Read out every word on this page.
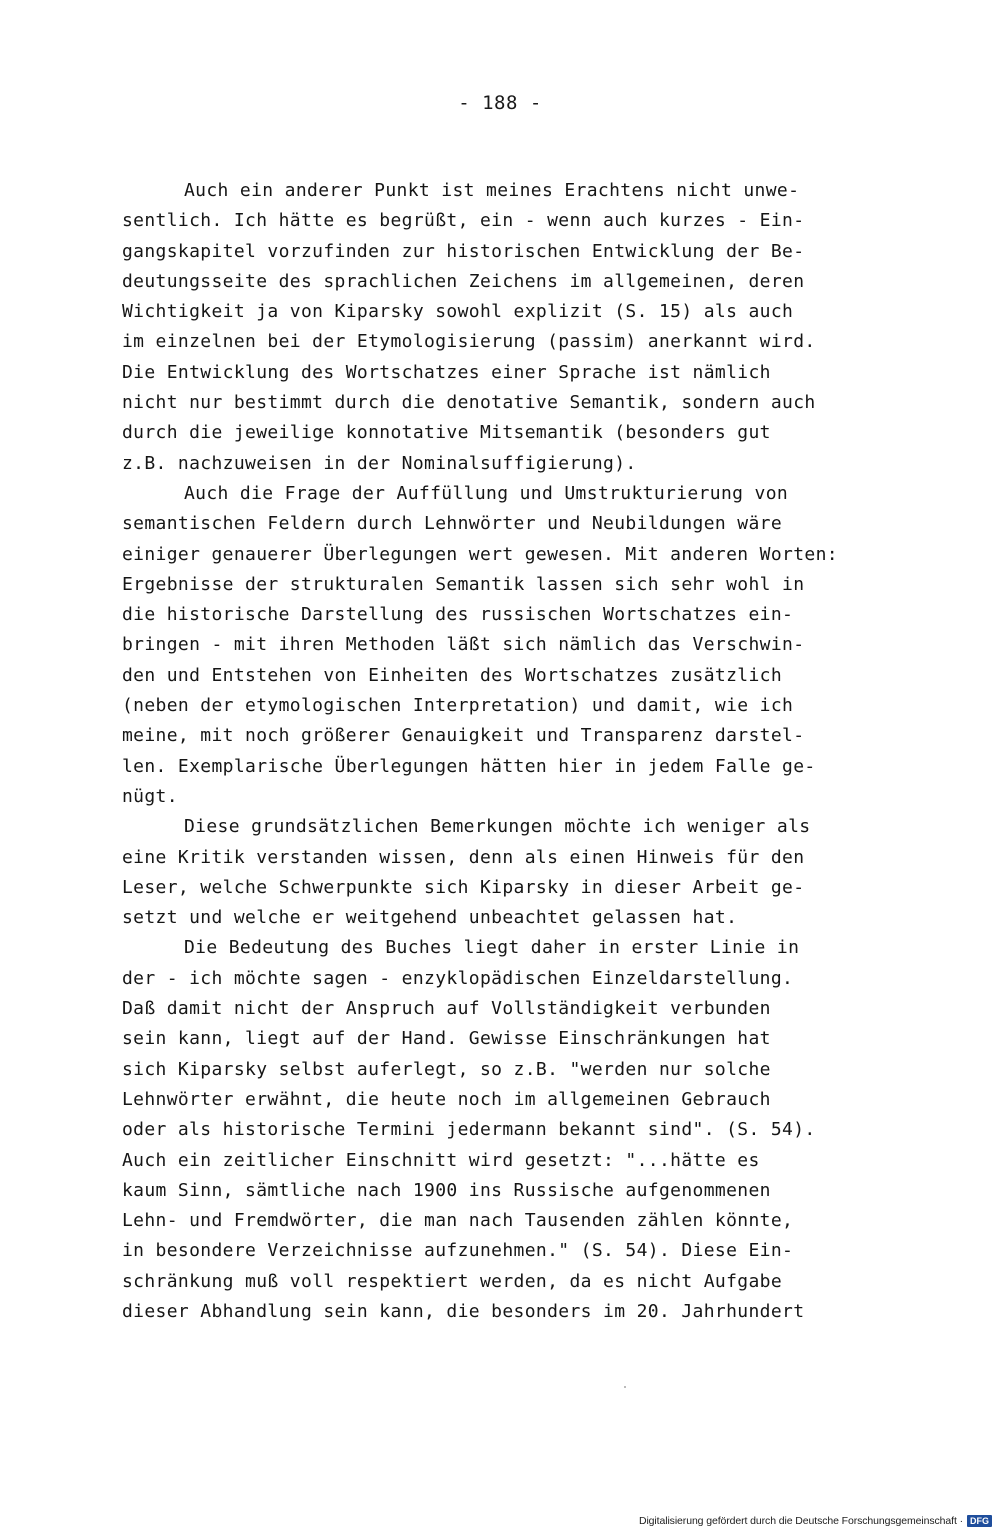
- 188 -
Auch ein anderer Punkt ist meines Erachtens nicht unwe-
sentlich. Ich hätte es begrüßt, ein - wenn auch kurzes - Ein-
gangskapitel vorzufinden zur historischen Entwicklung der Be-
deutungsseite des sprachlichen Zeichens im allgemeinen, deren
Wichtigkeit ja von Kiparsky sowohl explizit (S. 15) als auch
im einzelnen bei der Etymologisierung (passim) anerkannt wird.
Die Entwicklung des Wortschatzes einer Sprache ist nämlich
nicht nur bestimmt durch die denotative Semantik, sondern auch
durch die jeweilige konnotative Mitsemantik (besonders gut
z.B. nachzuweisen in der Nominalsuffigierung).
Auch die Frage der Auffüllung und Umstrukturierung von
semantischen Feldern durch Lehnwörter und Neubildungen wäre
einiger genauerer Überlegungen wert gewesen. Mit anderen Worten:
Ergebnisse der strukturalen Semantik lassen sich sehr wohl in
die historische Darstellung des russischen Wortschatzes ein-
bringen - mit ihren Methoden läßt sich nämlich das Verschwin-
den und Entstehen von Einheiten des Wortschatzes zusätzlich
(neben der etymologischen Interpretation) und damit, wie ich
meine, mit noch größerer Genauigkeit und Transparenz darstel-
len. Exemplarische Überlegungen hätten hier in jedem Falle ge-
nügt.
Diese grundsätzlichen Bemerkungen möchte ich weniger als
eine Kritik verstanden wissen, denn als einen Hinweis für den
Leser, welche Schwerpunkte sich Kiparsky in dieser Arbeit ge-
setzt und welche er weitgehend unbeachtet gelassen hat.
Die Bedeutung des Buches liegt daher in erster Linie in
der - ich möchte sagen - enzyklopädischen Einzeldarstellung.
Daß damit nicht der Anspruch auf Vollständigkeit verbunden
sein kann, liegt auf der Hand. Gewisse Einschränkungen hat
sich Kiparsky selbst auferlegt, so z.B. "werden nur solche
Lehnwörter erwähnt, die heute noch im allgemeinen Gebrauch
oder als historische Termini jedermann bekannt sind". (S. 54).
Auch ein zeitlicher Einschnitt wird gesetzt: "...hätte es
kaum Sinn, sämtliche nach 1900 ins Russische aufgenommenen
Lehn- und Fremdwörter, die man nach Tausenden zählen könnte,
in besondere Verzeichnisse aufzunehmen." (S. 54). Diese Ein-
schränkung muß voll respektiert werden, da es nicht Aufgabe
dieser Abhandlung sein kann, die besonders im 20. Jahrhundert
Digitalisierung gefördert durch die Deutsche Forschungsgemeinschaft · DFG
